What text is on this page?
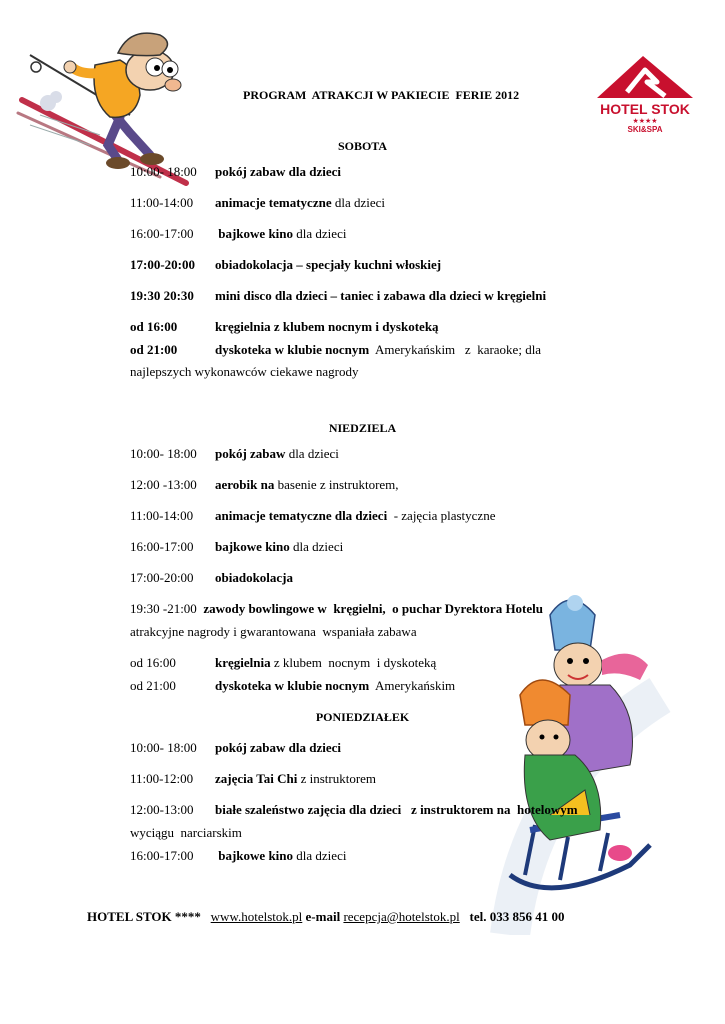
HOTEL STOK
★★★★
SKI&SPA
PROGRAM  ATRAKCJI W PAKIECIE  FERIE 2012
SOBOTA
10:00- 18:00 pokój zabaw dla dzieci
11:00-14:00 animacje tematyczne dla dzieci
16:00-17:00 bajkowe kino dla dzieci
17:00-20:00 obiadokolacja – specjały kuchni włoskiej
19:30 20:30 mini disco dla dzieci – taniec i zabawa dla dzieci w kręgielni
od 16:00	kręgielnia z klubem nocnym i dyskoteką
od 21:00	dyskoteka w klubie nocnym  Amerykańskim   z  karaoke; dla
najlepszych wykonawców ciekawe nagrody
NIEDZIELA
10:00- 18:00 pokój zabaw dla dzieci
12:00 -13:00 aerobik na basenie z instruktorem,
11:00-14:00 animacje tematyczne dla dzieci  - zajęcia plastyczne
16:00-17:00 bajkowe kino dla dzieci
17:00-20:00 obiadokolacja
19:30 -21:00  zawody bowlingowe w  kręgielni,  o puchar Dyrektora Hotelu
atrakcyjne nagrody i gwarantowana  wspaniała zabawa
od 16:00	kręgielnia z klubem  nocnym  i dyskoteką
od 21:00	dyskoteka w klubie nocnym  Amerykańskim
PONIEDZIAŁEK
10:00- 18:00 pokój zabaw dla dzieci
11:00-12:00 zajęcia Tai Chi z instruktorem
12:00-13:00 białe szaleństwo zajęcia dla dzieci   z instruktorem na  hotelowym
wyciągu  narciarskim
16:00-17:00 bajkowe kino dla dzieci
HOTEL STOK **** www.hotelstok.pl e-mail recepcja@hotelstok.pl tel. 033 856 41 00
